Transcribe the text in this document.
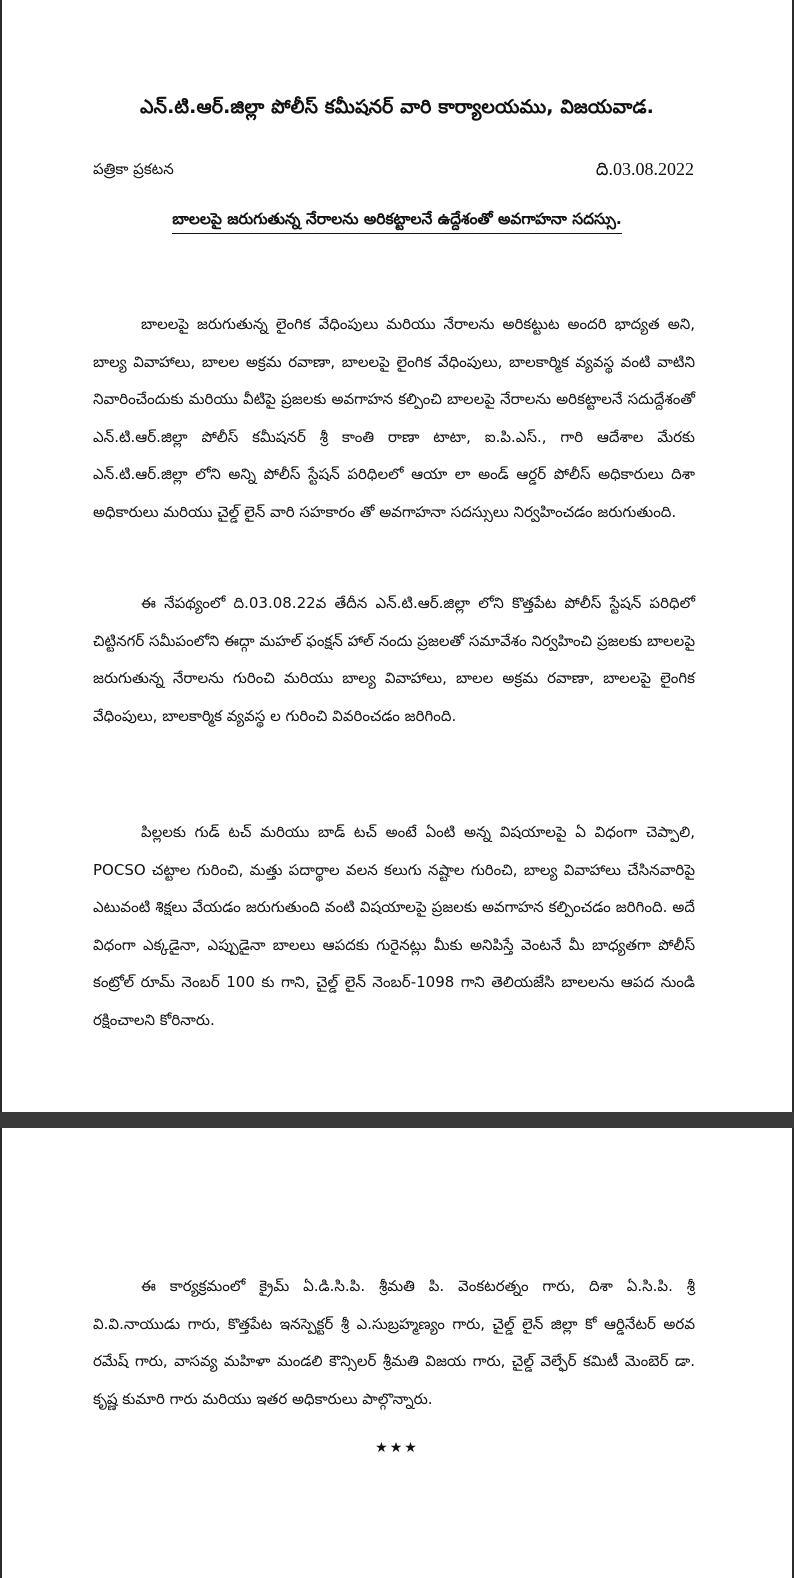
ఎన్.టి.ఆర్.జిల్లా పోలీస్ కమీషనర్ వారి కార్యాలయము, విజయవాడ.
పత్రికా ప్రకటన	ది.03.08.2022
బాలలపై జరుగుతున్న నేరాలను అరికట్టాలనే ఉద్దేశంతో అవగాహనా సదస్సు.

బాలలపై జరుగుతున్న లైంగిక వేధింపులు మరియు నేరాలను అరికట్టుట అందరి భాద్యత అని, బాల్య వివాహాలు, బాలల అక్రమ రవాణా, బాలలపై లైంగిక వేధింపులు, బాలకార్మిక వ్యవస్థ వంటి వాటిని నివారించేందుకు మరియు వీటిపై ప్రజలకు అవగాహన కల్పించి బాలలపై నేరాలను అరికట్టాలనే సదుద్దేశంతో ఎన్.టి.ఆర్.జిల్లా పోలీస్ కమీషనర్ శ్రీ కాంతి రాణా టాటా, ఐ.పి.ఎస్., గారి ఆదేశాల మేరకు ఎన్.టి.ఆర్.జిల్లా లోని అన్ని పోలీస్ స్టేషన్ పరిధిలలో ఆయా లా అండ్ ఆర్డర్ పోలీస్ అధికారులు దిశా అధికారులు మరియు చైల్డ్ లైన్ వారి సహకారం తో అవగాహనా సదస్సులు నిర్వహించడం జరుగుతుంది.

ఈ నేపథ్యంలో ది.03.08.22వ తేదీన ఎన్.టి.ఆర్.జిల్లా లోని కొత్తపేట పోలీస్ స్టేషన్ పరిధిలో చిట్టినగర్ సమీపంలోని ఈద్గా మహల్ ఫంక్షన్ హాల్ నందు ప్రజలతో సమావేశం నిర్వహించి ప్రజలకు బాలలపై జరుగుతున్న నేరాలను గురించి మరియు బాల్య వివాహాలు, బాలల అక్రమ రవాణా, బాలలపై లైంగిక వేధింపులు, బాలకార్మిక వ్యవస్థ ల గురించి వివరించడం జరిగింది.

పిల్లలకు గుడ్ టచ్ మరియు బాడ్ టచ్ అంటే ఏంటి అన్న విషయాలపై ఏ విధంగా చెప్పాలి, POCSO చట్టాల గురించి, మత్తు పదార్థాల వలన కలుగు నష్టాల గురించి, బాల్య వివాహాలు చేసినవారిపై ఎటువంటి శిక్షలు వేయడం జరుగుతుంది వంటి విషయాలపై ప్రజలకు అవగాహన కల్పించడం జరిగింది. అదే విధంగా ఎక్కడైనా, ఎప్పుడైనా బాలలు ఆపదకు గురైనట్లు మీకు అనిపిస్తే వెంటనే మీ బాధ్యతగా పోలీస్ కంట్రోల్ రూమ్ నెంబర్ 100 కు గాని, చైల్డ్ లైన్ నెంబర్-1098 గాని తెలియజేసి బాలలను ఆపద నుండి రక్షించాలని కోరినారు.

ఈ కార్యక్రమంలో క్రైమ్ ఏ.డి.సి.పి. శ్రీమతి పి. వెంకటరత్నం గారు, దిశా ఏ.సి.పి. శ్రీ వి.వి.నాయుడు గారు, కొత్తపేట ఇనస్పెక్టర్ శ్రీ ఎ.సుబ్రహ్మణ్యం గారు, చైల్డ్ లైన్ జిల్లా కో ఆర్డినేటర్ అరవ రమేష్ గారు, వాసవ్య మహిళా మండలి కౌన్సిలర్ శ్రీమతి విజయ గారు, చైల్డ్ వెల్ఫేర్ కమిటీ మెంబెర్ డా. కృష్ణ కుమారి గారు మరియు ఇతర అధికారులు పాల్గొన్నారు.

★★★
